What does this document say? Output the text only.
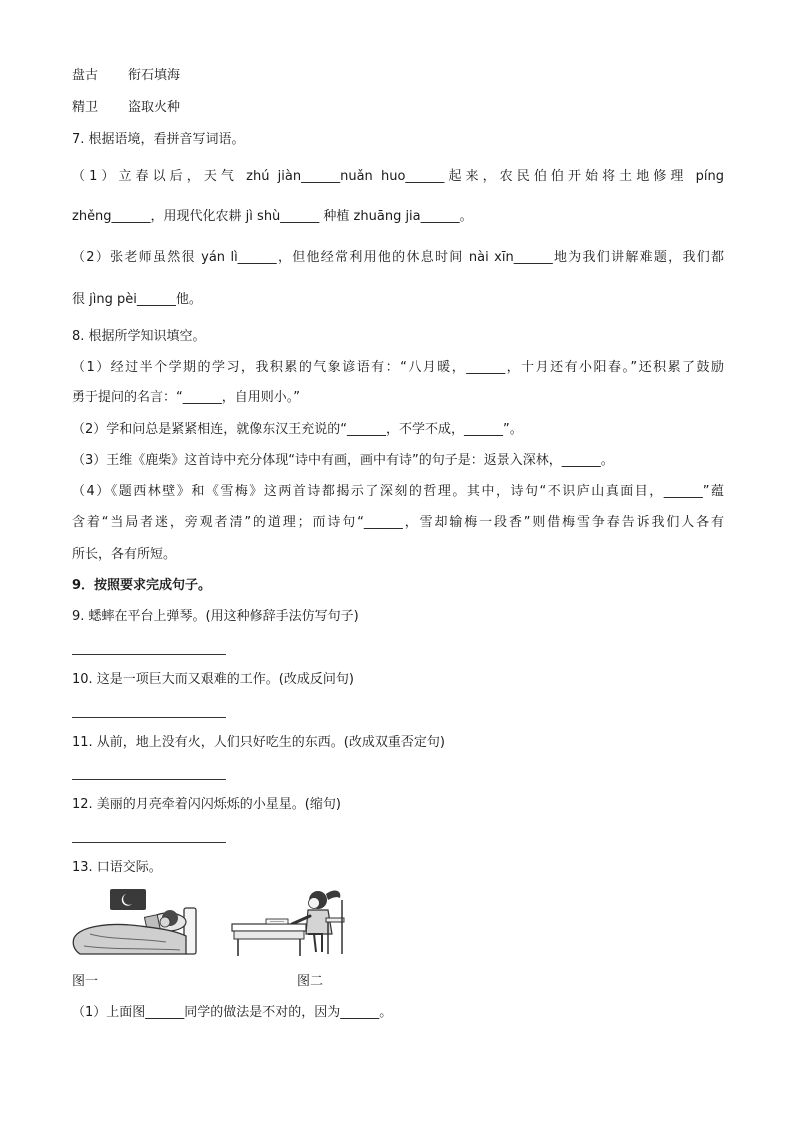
盘古 衔石填海
精卫 盗取火种
7. 根据语境，看拼音写词语。
（1）立春以后，天气 zhú jiàn______nuǎn huo______起来，农民伯伯开始将土地修理 píng
zhěng______，用现代化农耕 jì shù______ 种植 zhuāng jia______。
（2）张老师虽然很 yán lì______，但他经常利用他的休息时间 nài xīn______地为我们讲解难题，我们都
很 jìng pèi______他。
8. 根据所学知识填空。
（1）经过半个学期的学习，我积累的气象谚语有：“八月暖，______，十月还有小阳春。”还积累了鼓励
勇于提问的名言：“______，自用则小。”
（2）学和问总是紧紧相连，就像东汉王充说的“______，不学不成，______”。
（3）王维《鹿柴》这首诗中充分体现“诗中有画，画中有诗”的句子是：返景入深林，______。
（4）《题西林壁》和《雪梅》这两首诗都揭示了深刻的哲理。其中，诗句“不识庐山真面目，______”蕴
含着“当局者迷，旁观者清”的道理；而诗句“______，雪却输梅一段香”则借梅雪争春告诉我们人各有
所长，各有所短。
9．按照要求完成句子。
9. 蟋蟀在平台上弹琴。(用这种修辞手法仿写句子)
10. 这是一项巨大而又艰难的工作。(改成反问句)
11. 从前，地上没有火，人们只好吃生的东西。(改成双重否定句)
12. 美丽的月亮牵着闪闪烁烁的小星星。(缩句)
13. 口语交际。
图一	图二
（1）上面图______同学的做法是不对的，因为______。
